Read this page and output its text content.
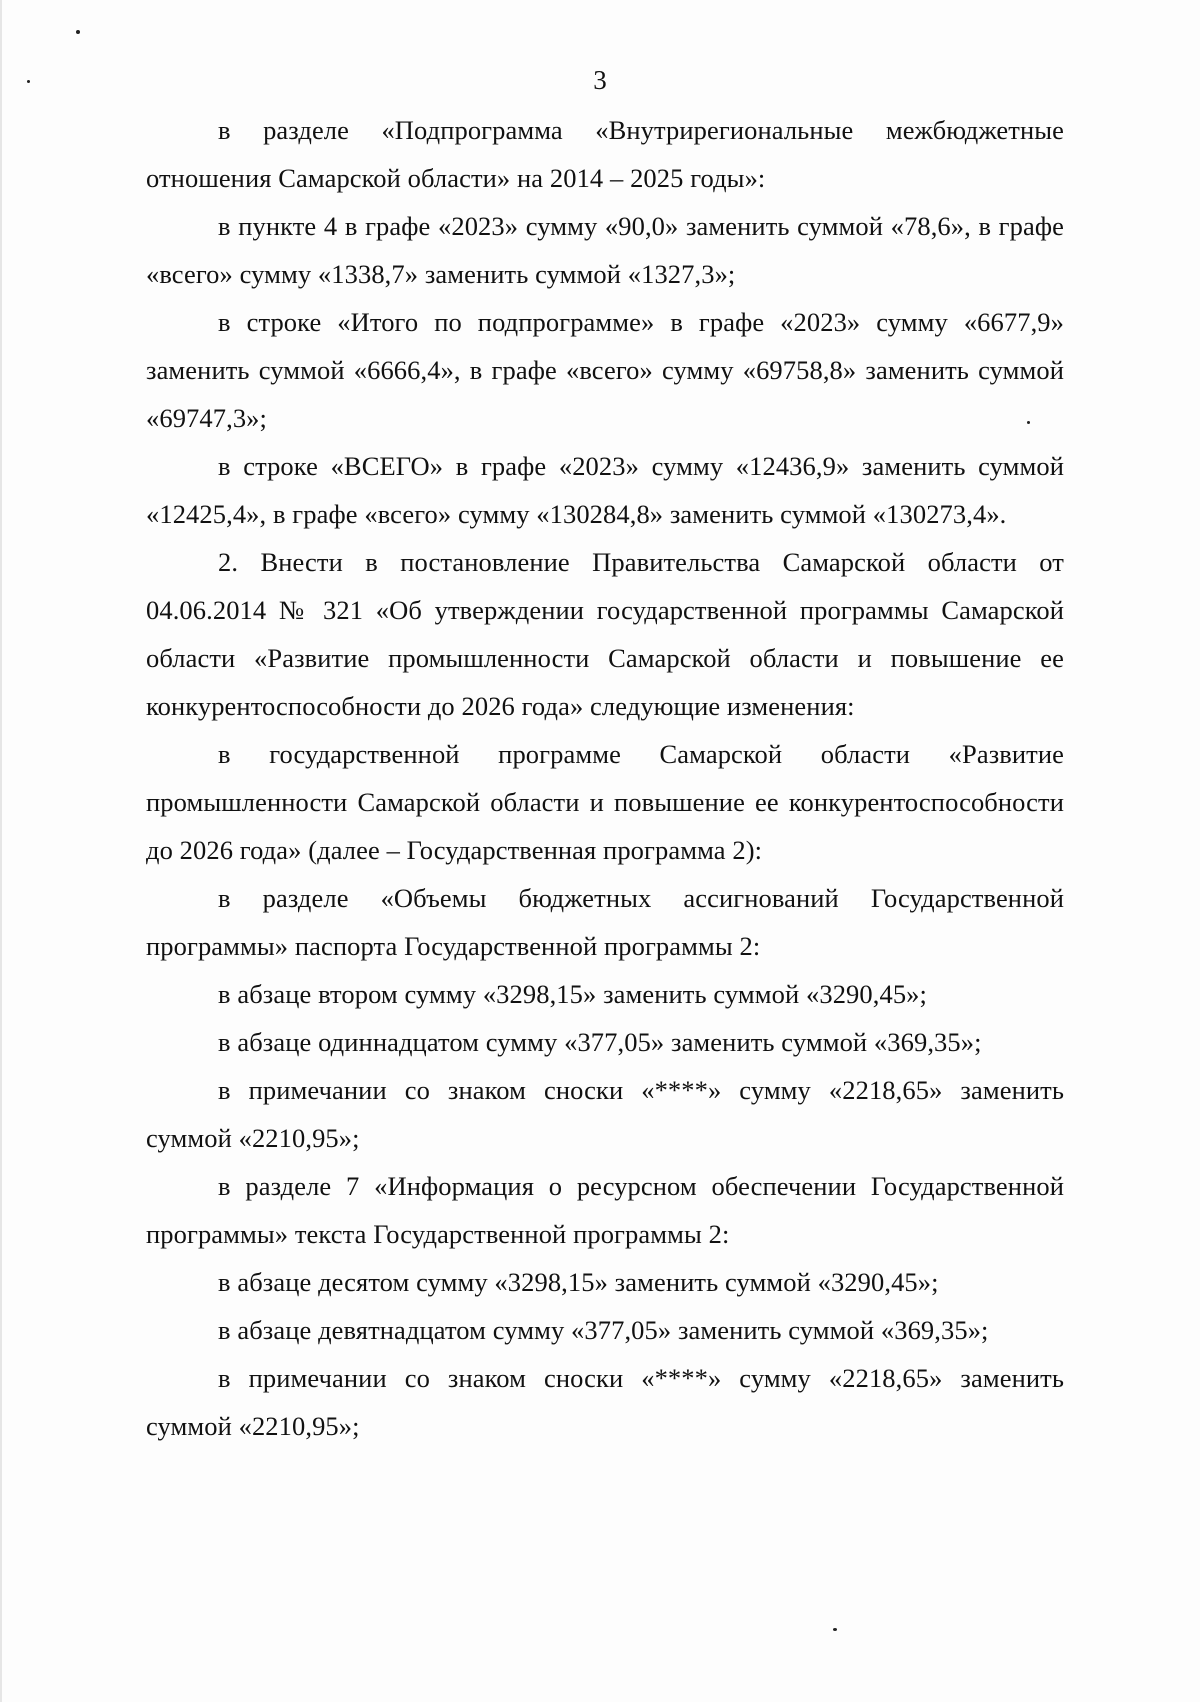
3

в разделе «Подпрограмма «Внутрирегиональные межбюджетные отношения Самарской области» на 2014 – 2025 годы»:

в пункте 4 в графе «2023» сумму «90,0» заменить суммой «78,6», в графе «всего» сумму «1338,7» заменить суммой «1327,3»;

в строке «Итого по подпрограмме» в графе «2023» сумму «6677,9» заменить суммой «6666,4», в графе «всего» сумму «69758,8» заменить суммой «69747,3»;

в строке «ВСЕГО» в графе «2023» сумму «12436,9» заменить суммой «12425,4», в графе «всего» сумму «130284,8» заменить суммой «130273,4».

2. Внести в постановление Правительства Самарской области от 04.06.2014 № 321 «Об утверждении государственной программы Самарской области «Развитие промышленности Самарской области и повышение ее конкурентоспособности до 2026 года» следующие изменения:

в государственной программе Самарской области «Развитие промышленности Самарской области и повышение ее конкурентоспособности до 2026 года» (далее – Государственная программа 2):

в разделе «Объемы бюджетных ассигнований Государственной программы» паспорта Государственной программы 2:

в абзаце втором сумму «3298,15» заменить суммой «3290,45»;

в абзаце одиннадцатом сумму «377,05» заменить суммой «369,35»;

в примечании со знаком сноски «****» сумму «2218,65» заменить суммой «2210,95»;

в разделе 7 «Информация о ресурсном обеспечении Государственной программы» текста Государственной программы 2:

в абзаце десятом сумму «3298,15» заменить суммой «3290,45»;

в абзаце девятнадцатом сумму «377,05» заменить суммой «369,35»;

в примечании со знаком сноски «****» сумму «2218,65» заменить суммой «2210,95»;
